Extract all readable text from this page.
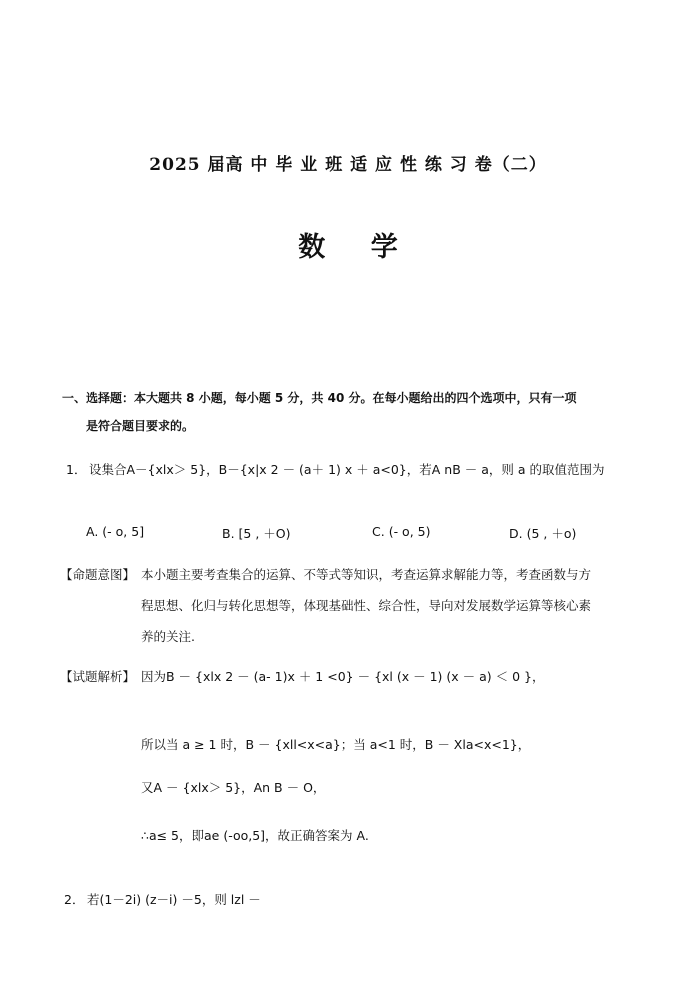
2025 届高 中 毕 业 班 适 应 性 练 习 卷（二）
数 学
一、选择题：本大题共 8 小题，每小题 5 分，共 40 分。在每小题给出的四个选项中，只有一项
是符合题目要求的。
1． 设集合A－{xlx＞ 5}，B－{x|x 2 － (a＋ 1) x ＋ a<0}，若A nB － a，则 a 的取值范围为
A. (- o, 5]	B. [5 , ＋O)	C. (- o, 5)	D. (5 , ＋o)
【命题意图】 本小题主要考查集合的运算、不等式等知识，考查运算求解能力等，考查函数与方
程思想、化归与转化思想等，体现基础性、综合性，导向对发展数学运算等核心素
养的关注.
【试题解析】 因为B － {xlx 2 － (a- 1)x ＋ 1 <0} － {xl (x － 1) (x － a) ＜ 0 }，
所以当 a ≥ 1 时，B － {xll<x<a}；当 a<1 时，B － Xla<x<1}，
又A － {xlx＞ 5}，An B － O，
∴a≤ 5，即ae (-oo,5]，故正确答案为 A.
2． 若(1－2i) (z－i) －5，则 lzl －
